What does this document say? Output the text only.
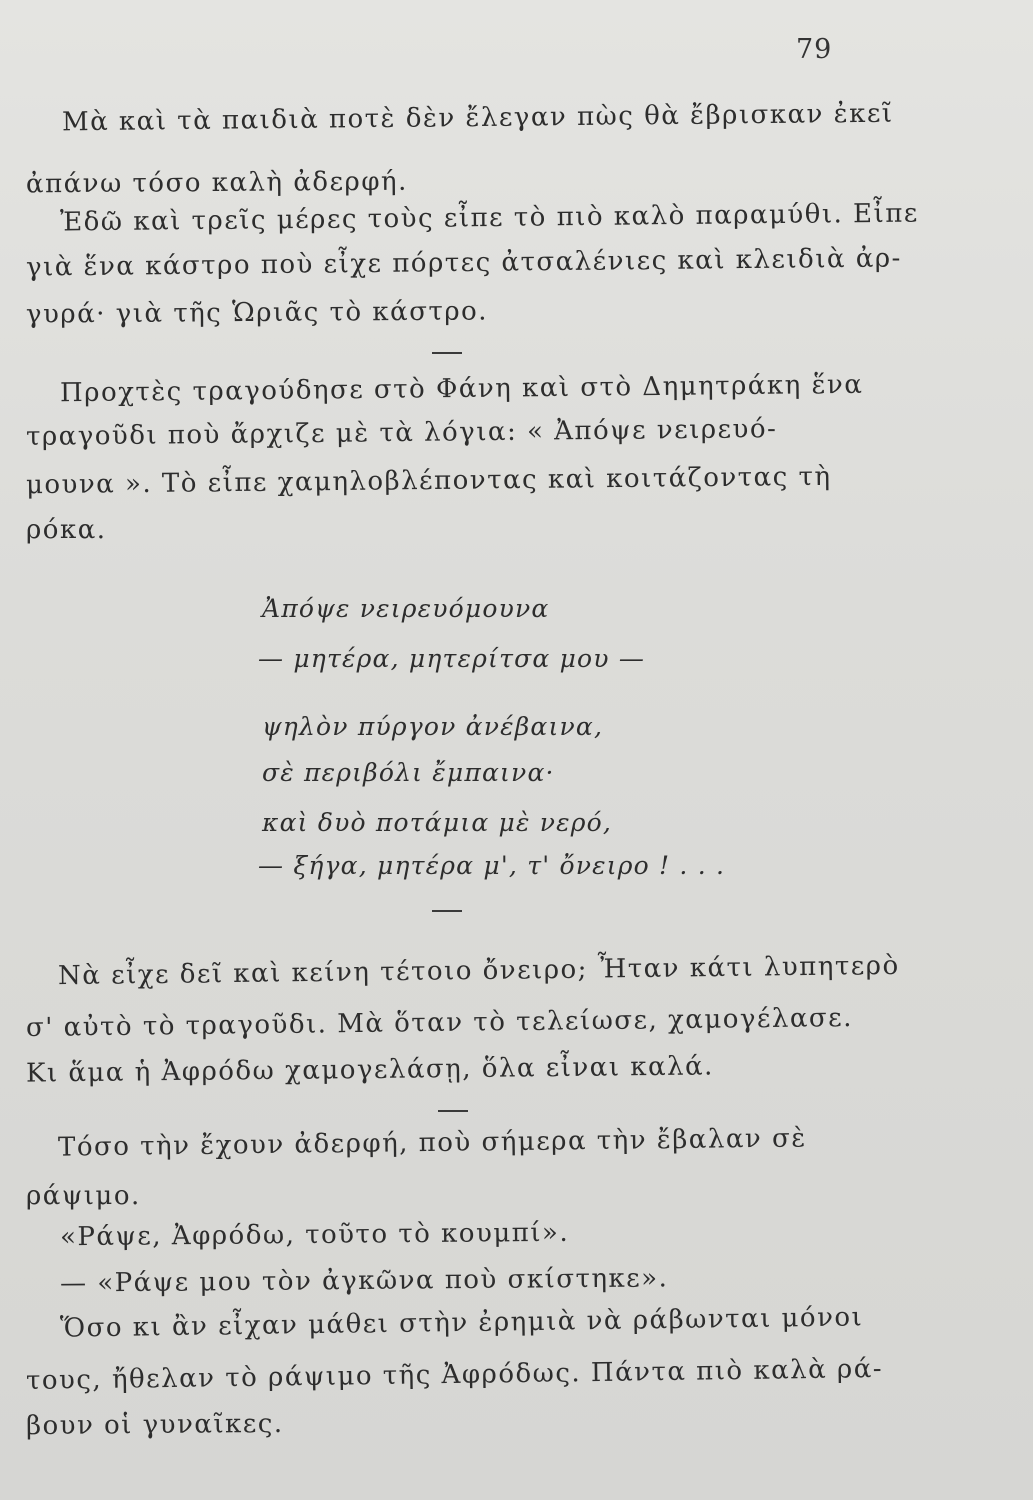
79
Μὰ καὶ τὰ παιδιὰ ποτὲ δὲν ἔλεγαν πὼς θὰ ἔβρισκαν ἐκεῖ
ἀπάνω τόσο καλὴ ἀδερφή.
Ἐδῶ καὶ τρεῖς μέρες τοὺς εἶπε τὸ πιὸ καλὸ παραμύθι. Εἶπε
γιὰ ἕνα κάστρο ποὺ εἶχε πόρτες ἀτσαλένιες καὶ κλειδιὰ ἀρ-
γυρά· γιὰ τῆς Ὡριᾶς τὸ κάστρο.
Προχτὲς τραγούδησε στὸ Φάνη καὶ στὸ Δημητράκη ἕνα
τραγοῦδι ποὺ ἄρχιζε μὲ τὰ λόγια: « Ἀπόψε νειρευό-
μουνα ». Τὸ εἶπε χαμηλοβλέποντας καὶ κοιτάζοντας τὴ
ρόκα.
Ἀπόψε νειρευόμουνα
— μητέρα, μητερίτσα μου —
ψηλὸν πύργον ἀνέβαινα,
σὲ περιβόλι ἔμπαινα·
καὶ δυὸ ποτάμια μὲ νερό,
— ξήγα, μητέρα μ', τ' ὄνειρο ! . . .
Νὰ εἶχε δεῖ καὶ κείνη τέτοιο ὄνειρο; Ἦταν κάτι λυπητερὸ
σ' αὐτὸ τὸ τραγοῦδι. Μὰ ὅταν τὸ τελείωσε, χαμογέλασε.
Κι ἅμα ἡ Ἀφρόδω χαμογελάσῃ, ὅλα εἶναι καλά.
Τόσο τὴν ἔχουν ἀδερφή, ποὺ σήμερα τὴν ἔβαλαν σὲ
ράψιμο.
«Ράψε, Ἀφρόδω, τοῦτο τὸ κουμπί».
— «Ράψε μου τὸν ἀγκῶνα ποὺ σκίστηκε».
Ὅσο κι ἂν εἶχαν μάθει στὴν ἐρημιὰ νὰ ράβωνται μόνοι
τους, ἤθελαν τὸ ράψιμο τῆς Ἀφρόδως. Πάντα πιὸ καλὰ ρά-
βουν οἱ γυναῖκες.
